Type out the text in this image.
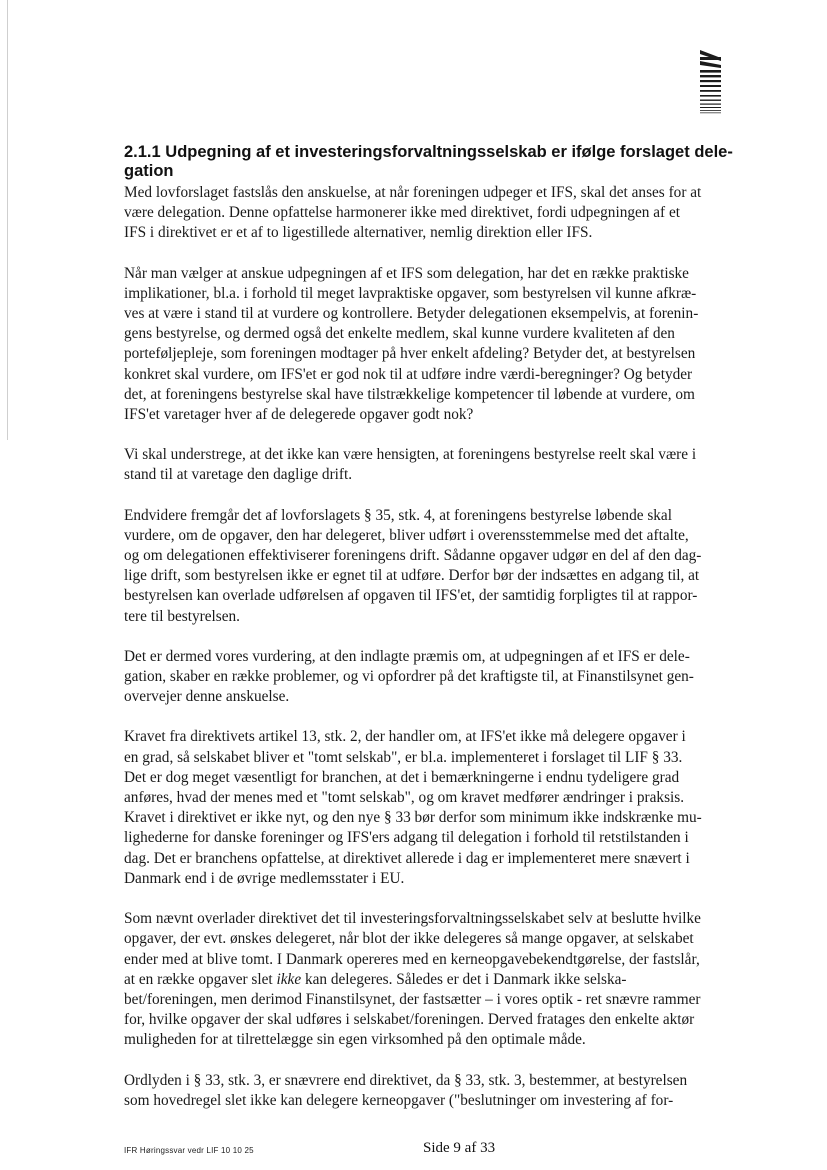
2.1.1 Udpegning af et investeringsforvaltningsselskab er ifølge forslaget dele-
gation

Med lovforslaget fastslås den anskuelse, at når foreningen udpeger et IFS, skal det anses for at
være delegation. Denne opfattelse harmonerer ikke med direktivet, fordi udpegningen af et
IFS i direktivet er et af to ligestillede alternativer, nemlig direktion eller IFS.

Når man vælger at anskue udpegningen af et IFS som delegation, har det en række praktiske
implikationer, bl.a. i forhold til meget lavpraktiske opgaver, som bestyrelsen vil kunne afkræ-
ves at være i stand til at vurdere og kontrollere. Betyder delegationen eksempelvis, at forenin-
gens bestyrelse, og dermed også det enkelte medlem, skal kunne vurdere kvaliteten af den
porteføljepleje, som foreningen modtager på hver enkelt afdeling? Betyder det, at bestyrelsen
konkret skal vurdere, om IFS'et er god nok til at udføre indre værdi-beregninger? Og betyder
det, at foreningens bestyrelse skal have tilstrækkelige kompetencer til løbende at vurdere, om
IFS'et varetager hver af de delegerede opgaver godt nok?

Vi skal understrege, at det ikke kan være hensigten, at foreningens bestyrelse reelt skal være i
stand til at varetage den daglige drift.

Endvidere fremgår det af lovforslagets § 35, stk. 4, at foreningens bestyrelse løbende skal
vurdere, om de opgaver, den har delegeret, bliver udført i overensstemmelse med det aftalte,
og om delegationen effektiviserer foreningens drift. Sådanne opgaver udgør en del af den dag-
lige drift, som bestyrelsen ikke er egnet til at udføre. Derfor bør der indsættes en adgang til, at
bestyrelsen kan overlade udførelsen af opgaven til IFS'et, der samtidig forpligtes til at rappor-
tere til bestyrelsen.

Det er dermed vores vurdering, at den indlagte præmis om, at udpegningen af et IFS er dele-
gation, skaber en række problemer, og vi opfordrer på det kraftigste til, at Finanstilsynet gen-
overvejer denne anskuelse.

Kravet fra direktivets artikel 13, stk. 2, der handler om, at IFS'et ikke må delegere opgaver i
en grad, så selskabet bliver et "tomt selskab", er bl.a. implementeret i forslaget til LIF § 33.
Det er dog meget væsentligt for branchen, at det i bemærkningerne i endnu tydeligere grad
anføres, hvad der menes med et "tomt selskab", og om kravet medfører ændringer i praksis.
Kravet i direktivet er ikke nyt, og den nye § 33 bør derfor som minimum ikke indskrænke mu-
lighederne for danske foreninger og IFS'ers adgang til delegation i forhold til retstilstanden i
dag. Det er branchens opfattelse, at direktivet allerede i dag er implementeret mere snævert i
Danmark end i de øvrige medlemsstater i EU.

Som nævnt overlader direktivet det til investeringsforvaltningsselskabet selv at beslutte hvilke
opgaver, der evt. ønskes delegeret, når blot der ikke delegeres så mange opgaver, at selskabet
ender med at blive tomt. I Danmark opereres med en kerneopgavebekendtgørelse, der fastslår,
at en række opgaver slet ikke kan delegeres. Således er det i Danmark ikke selska-
bet/foreningen, men derimod Finanstilsynet, der fastsætter – i vores optik - ret snævre rammer
for, hvilke opgaver der skal udføres i selskabet/foreningen. Derved fratages den enkelte aktør
muligheden for at tilrettelægge sin egen virksomhed på den optimale måde.

Ordlyden i § 33, stk. 3, er snævrere end direktivet, da § 33, stk. 3, bestemmer, at bestyrelsen
som hovedregel slet ikke kan delegere kerneopgaver ("beslutninger om investering af for-

IFR Høringssvar vedr LIF 10 10 25	Side 9 af 33
